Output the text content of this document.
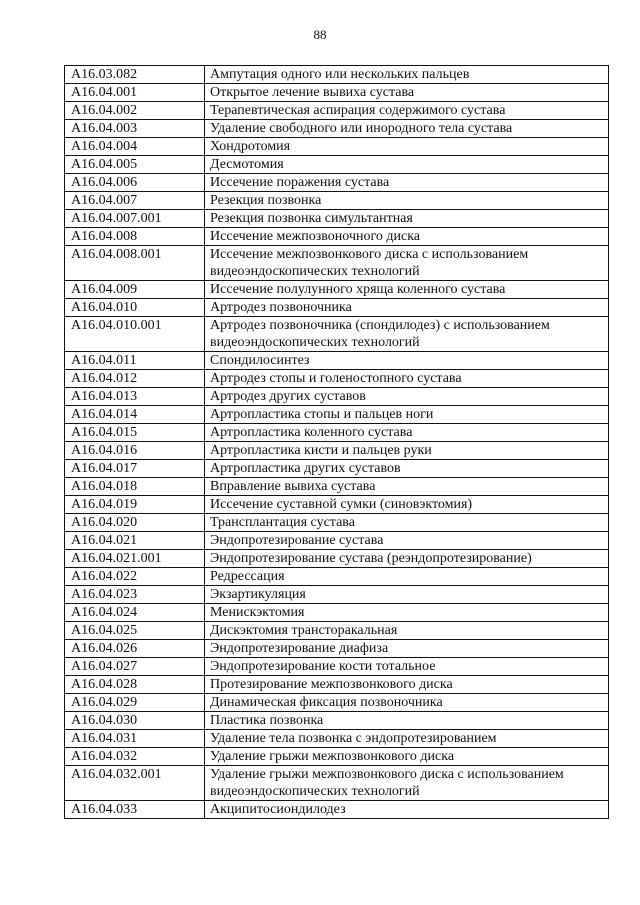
88
A16.03.082	Ампутация одного или нескольких пальцев
A16.04.001	Открытое лечение вывиха сустава
A16.04.002	Терапевтическая аспирация содержимого сустава
A16.04.003	Удаление свободного или инородного тела сустава
A16.04.004	Хондротомия
A16.04.005	Десмотомия
A16.04.006	Иссечение поражения сустава
A16.04.007	Резекция позвонка
A16.04.007.001	Резекция позвонка симультантная
A16.04.008	Иссечение межпозвоночного диска
A16.04.008.001	Иссечение межпозвонкового диска с использованием видеоэндоскопических технологий
A16.04.009	Иссечение полулунного хряща коленного сустава
A16.04.010	Артродез позвоночника
A16.04.010.001	Артродез позвоночника (спондилодез) с использованием видеоэндоскопических технологий
A16.04.011	Спондилосинтез
A16.04.012	Артродез стопы и голеностопного сустава
A16.04.013	Артродез других суставов
A16.04.014	Артропластика стопы и пальцев ноги
A16.04.015	Артропластика коленного сустава
A16.04.016	Артропластика кисти и пальцев руки
A16.04.017	Артропластика других суставов
A16.04.018	Вправление вывиха сустава
A16.04.019	Иссечение суставной сумки (синовэктомия)
A16.04.020	Трансплантация сустава
A16.04.021	Эндопротезирование сустава
A16.04.021.001	Эндопротезирование сустава (реэндопротезирование)
A16.04.022	Редрессация
A16.04.023	Экзартикуляция
A16.04.024	Менискэктомия
A16.04.025	Дискэктомия трансторакальная
A16.04.026	Эндопротезирование диафиза
A16.04.027	Эндопротезирование кости тотальное
A16.04.028	Протезирование межпозвонкового диска
A16.04.029	Динамическая фиксация позвоночника
A16.04.030	Пластика позвонка
A16.04.031	Удаление тела позвонка с эндопротезированием
A16.04.032	Удаление грыжи межпозвонкового диска
A16.04.032.001	Удаление грыжи межпозвонкового диска с использованием видеоэндоскопических технологий
A16.04.033	Акципитосиондилодез
